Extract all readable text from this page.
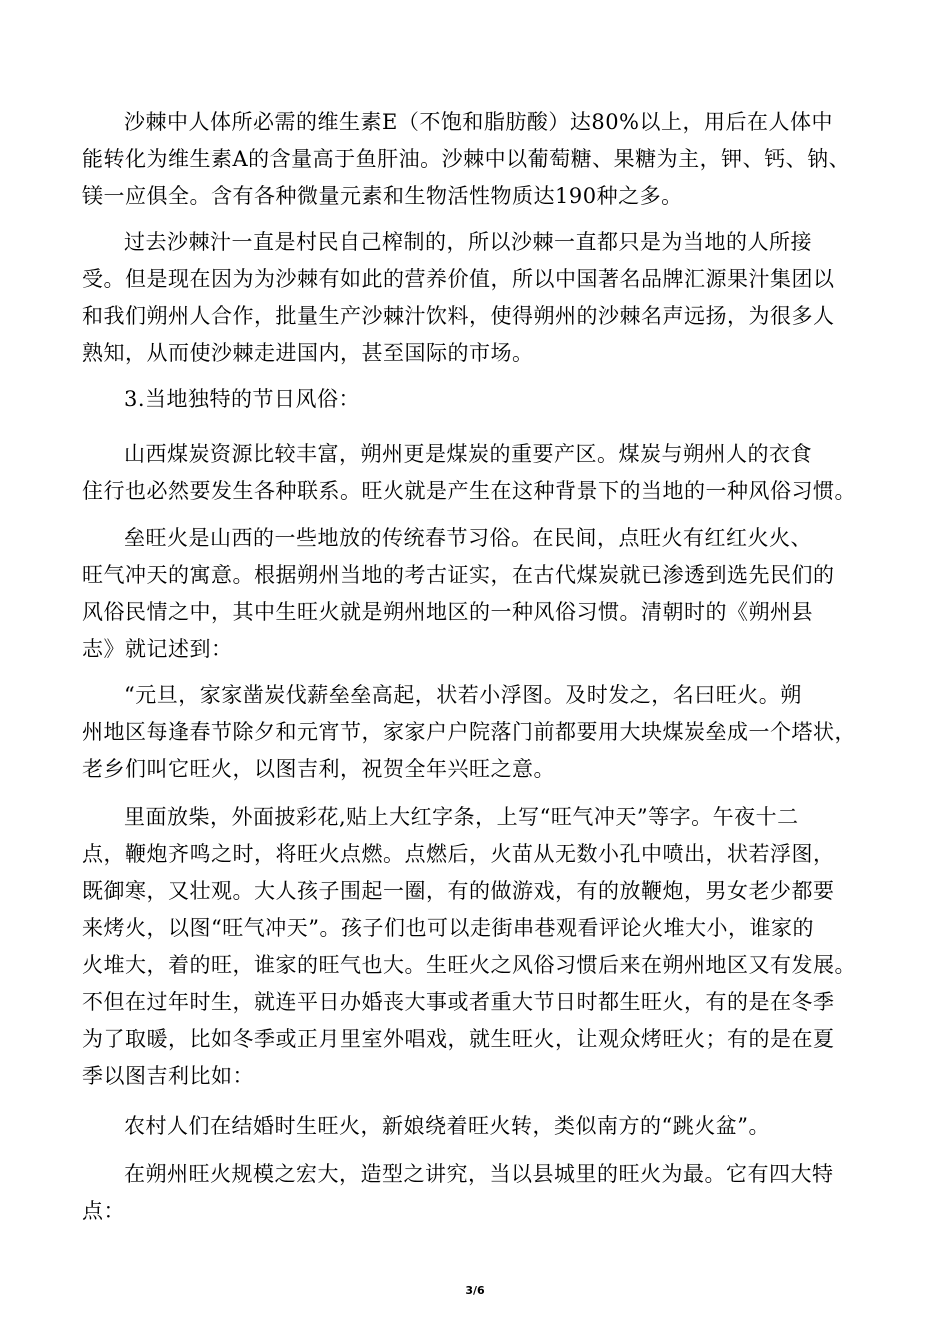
沙棘中人体所必需的维生素E（不饱和脂肪酸）达80%以上，用后在人体中
能转化为维生素A的含量高于鱼肝油。沙棘中以葡萄糖、果糖为主，钾、钙、钠、
镁一应俱全。含有各种微量元素和生物活性物质达190种之多。
过去沙棘汁一直是村民自己榨制的，所以沙棘一直都只是为当地的人所接
受。但是现在因为为沙棘有如此的营养价值，所以中国著名品牌汇源果汁集团以
和我们朔州人合作，批量生产沙棘汁饮料，使得朔州的沙棘名声远扬，为很多人
熟知，从而使沙棘走进国内，甚至国际的市场。
3.当地独特的节日风俗：
山西煤炭资源比较丰富，朔州更是煤炭的重要产区。煤炭与朔州人的衣食
住行也必然要发生各种联系。旺火就是产生在这种背景下的当地的一种风俗习惯。
垒旺火是山西的一些地放的传统春节习俗。在民间，点旺火有红红火火、
旺气冲天的寓意。根据朔州当地的考古证实，在古代煤炭就已渗透到选先民们的
风俗民情之中，其中生旺火就是朔州地区的一种风俗习惯。清朝时的《朔州县
志》就记述到：
“元旦，家家凿炭伐薪垒垒高起，状若小浮图。及时发之，名曰旺火。朔
州地区每逢春节除夕和元宵节，家家户户院落门前都要用大块煤炭垒成一个塔状，
老乡们叫它旺火，以图吉利，祝贺全年兴旺之意。
里面放柴，外面披彩花,贴上大红字条，上写“旺气冲天”等字。午夜十二
点，鞭炮齐鸣之时，将旺火点燃。点燃后，火苗从无数小孔中喷出，状若浮图，
既御寒，又壮观。大人孩子围起一圈，有的做游戏，有的放鞭炮，男女老少都要
来烤火，以图“旺气冲天”。孩子们也可以走街串巷观看评论火堆大小，谁家的
火堆大，着的旺，谁家的旺气也大。生旺火之风俗习惯后来在朔州地区又有发展。
不但在过年时生，就连平日办婚丧大事或者重大节日时都生旺火，有的是在冬季
为了取暖，比如冬季或正月里室外唱戏，就生旺火，让观众烤旺火；有的是在夏
季以图吉利比如：
农村人们在结婚时生旺火，新娘绕着旺火转，类似南方的“跳火盆”。
在朔州旺火规模之宏大，造型之讲究，当以县城里的旺火为最。它有四大特
点：
3/6
